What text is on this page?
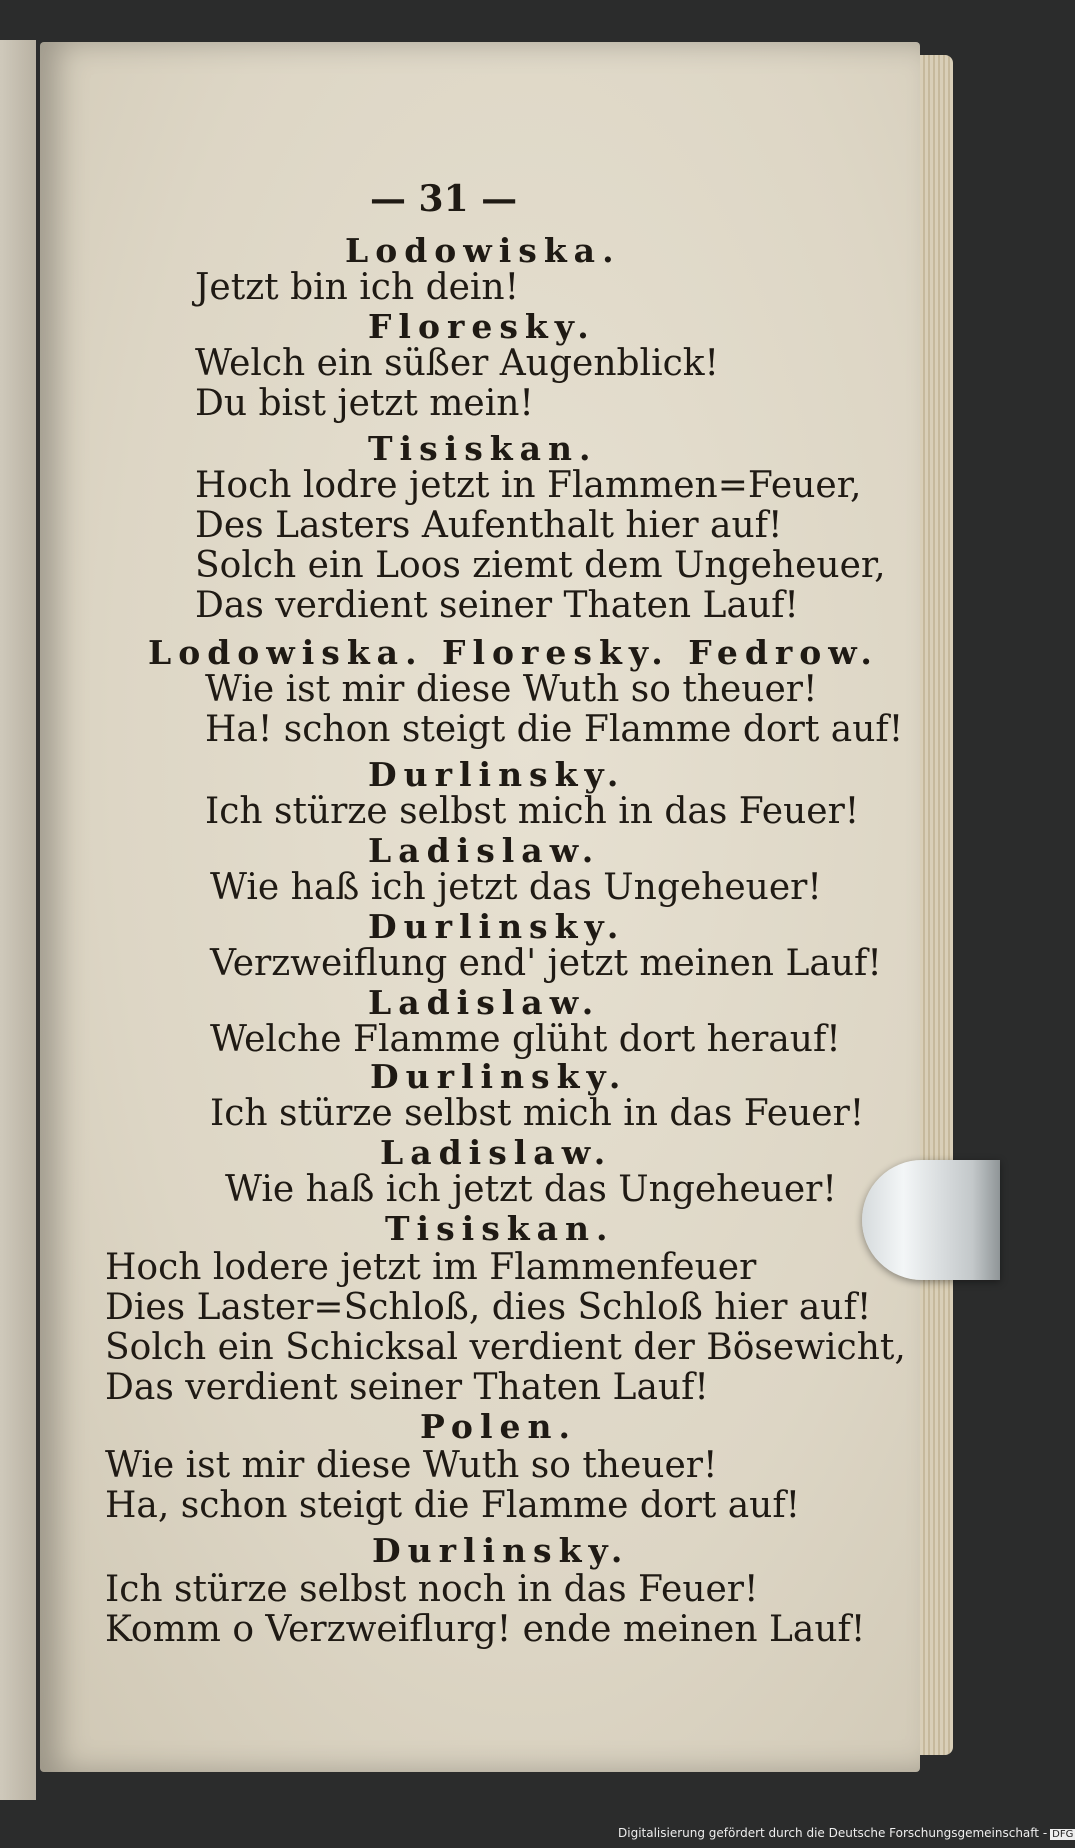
— 31 —
Lodowiska.
Jetzt bin ich dein!
Floresky.
Welch ein süßer Augenblick!
Du bist jetzt mein!
Tisiskan.
Hoch lodre jetzt in Flammen=Feuer,
Des Lasters Aufenthalt hier auf!
Solch ein Loos ziemt dem Ungeheuer,
Das verdient seiner Thaten Lauf!
Lodowiska. Floresky. Fedrow.
Wie ist mir diese Wuth so theuer!
Ha! schon steigt die Flamme dort auf!
Durlinsky.
Ich stürze selbst mich in das Feuer!
Ladislaw.
Wie haß ich jetzt das Ungeheuer!
Durlinsky.
Verzweiflung end' jetzt meinen Lauf!
Ladislaw.
Welche Flamme glüht dort herauf!
Durlinsky.
Ich stürze selbst mich in das Feuer!
Ladislaw.
Wie haß ich jetzt das Ungeheuer!
Tisiskan.
Hoch lodere jetzt im Flammenfeuer
Dies Laster=Schloß, dies Schloß hier auf!
Solch ein Schicksal verdient der Bösewicht,
Das verdient seiner Thaten Lauf!
Polen.
Wie ist mir diese Wuth so theuer!
Ha, schon steigt die Flamme dort auf!
Durlinsky.
Ich stürze selbst noch in das Feuer!
Komm o Verzweiflurg! ende meinen Lauf!
Digitalisierung gefördert durch die Deutsche Forschungsgemeinschaft - DFG
